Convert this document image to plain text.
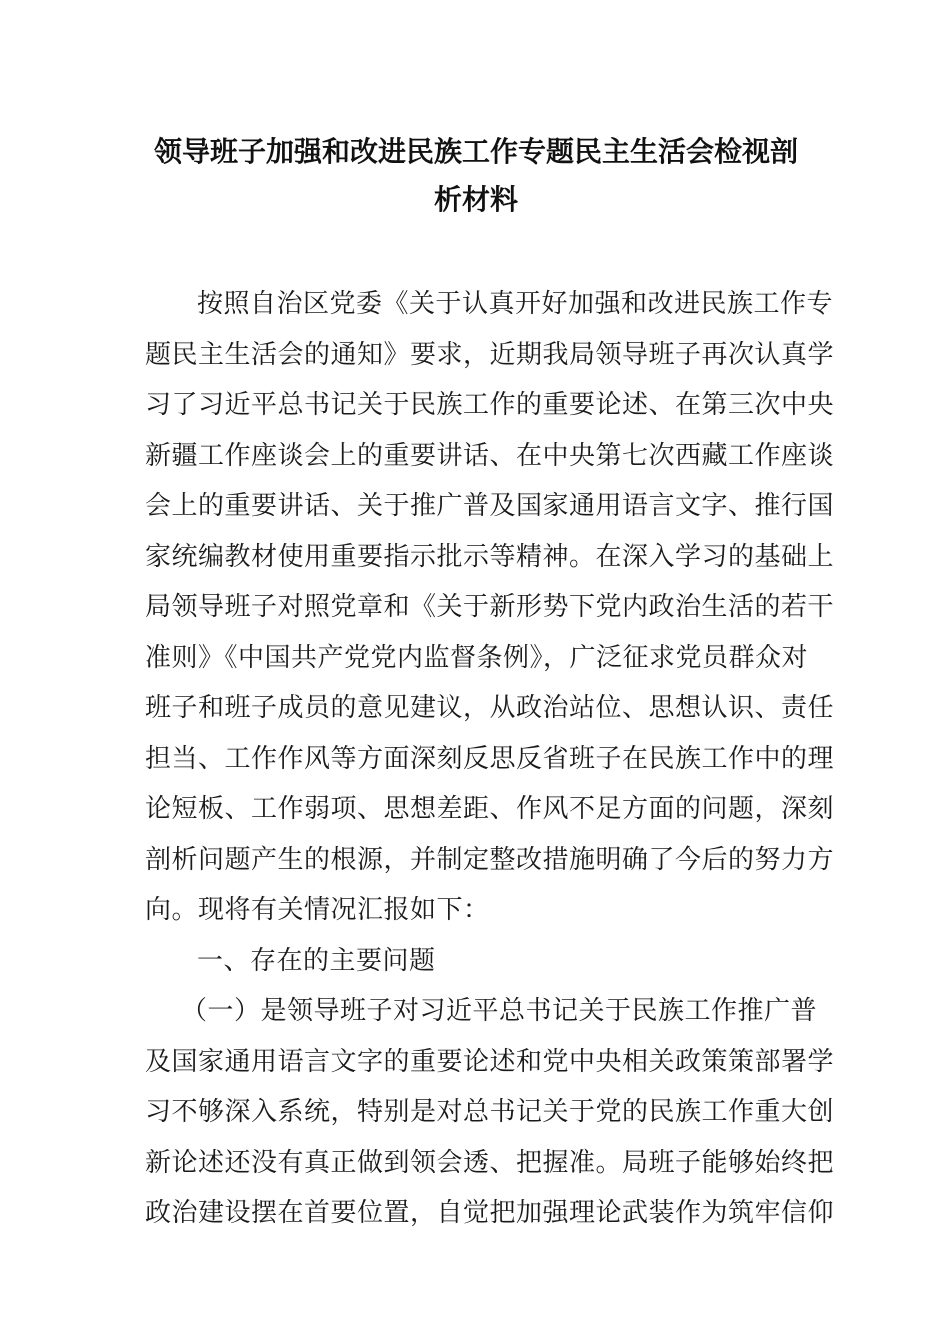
领导班子加强和改进民族工作专题民主生活会检视剖
析材料
按照自治区党委《关于认真开好加强和改进民族工作专
题民主生活会的通知》要求，近期我局领导班子再次认真学
习了习近平总书记关于民族工作的重要论述、在第三次中央
新疆工作座谈会上的重要讲话、在中央第七次西藏工作座谈
会上的重要讲话、关于推广普及国家通用语言文字、推行国
家统编教材使用重要指示批示等精神。在深入学习的基础上
局领导班子对照党章和《关于新形势下党内政治生活的若干
准则》《中国共产党党内监督条例》，广泛征求党员群众对
班子和班子成员的意见建议，从政治站位、思想认识、责任
担当、工作作风等方面深刻反思反省班子在民族工作中的理
论短板、工作弱项、思想差距、作风不足方面的问题，深刻
剖析问题产生的根源，并制定整改措施明确了今后的努力方
向。现将有关情况汇报如下：
一、存在的主要问题
（一）是领导班子对习近平总书记关于民族工作推广普
及国家通用语言文字的重要论述和党中央相关政策策部署学
习不够深入系统，特别是对总书记关于党的民族工作重大创
新论述还没有真正做到领会透、把握准。局班子能够始终把
政治建设摆在首要位置，自觉把加强理论武装作为筑牢信仰
